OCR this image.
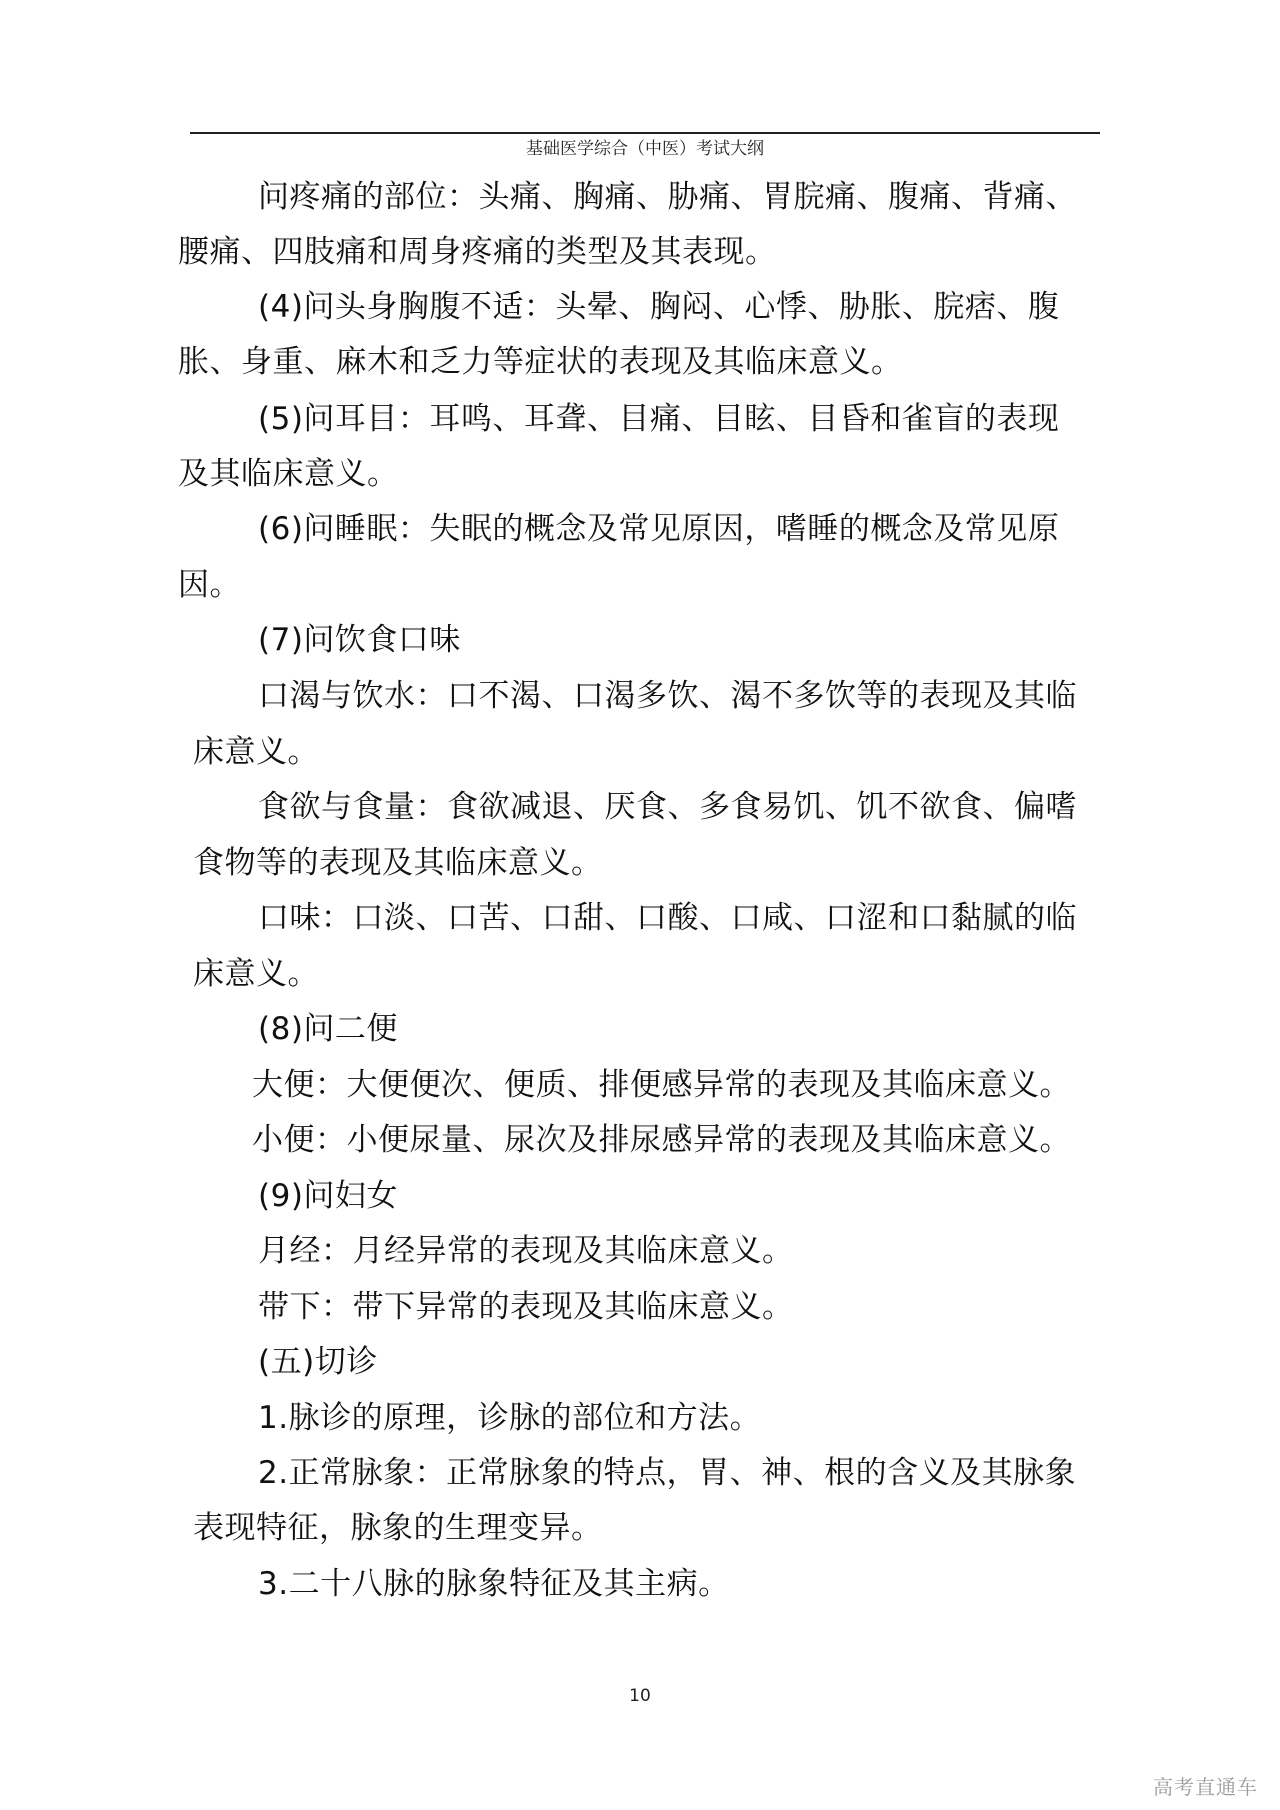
基础医学综合（中医）考试大纲
问疼痛的部位：头痛、胸痛、胁痛、胃脘痛、腹痛、背痛、
腰痛、四肢痛和周身疼痛的类型及其表现。
(4)问头身胸腹不适：头晕、胸闷、心悸、胁胀、脘痞、腹
胀、身重、麻木和乏力等症状的表现及其临床意义。
(5)问耳目：耳鸣、耳聋、目痛、目眩、目昏和雀盲的表现
及其临床意义。
(6)问睡眠：失眠的概念及常见原因，嗜睡的概念及常见原
因。
(7)问饮食口味
口渴与饮水：口不渴、口渴多饮、渴不多饮等的表现及其临
床意义。
食欲与食量：食欲减退、厌食、多食易饥、饥不欲食、偏嗜
食物等的表现及其临床意义。
口味：口淡、口苦、口甜、口酸、口咸、口涩和口黏腻的临
床意义。
(8)问二便
大便：大便便次、便质、排便感异常的表现及其临床意义。
小便：小便尿量、尿次及排尿感异常的表现及其临床意义。
(9)问妇女
月经：月经异常的表现及其临床意义。
带下：带下异常的表现及其临床意义。
(五)切诊
1.脉诊的原理，诊脉的部位和方法。
2.正常脉象：正常脉象的特点，胃、神、根的含义及其脉象
表现特征，脉象的生理变异。
3.二十八脉的脉象特征及其主病。
10
高考直通车
